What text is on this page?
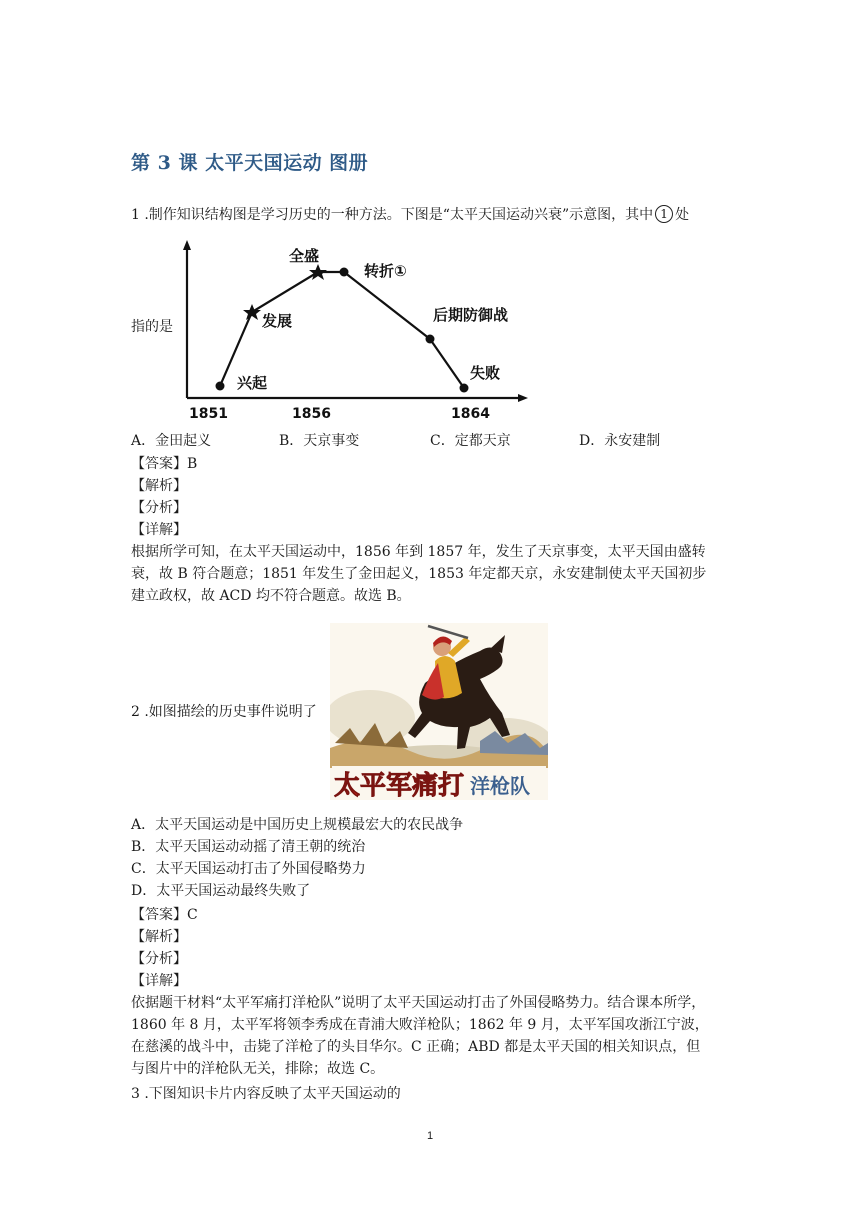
第 3 课 太平天国运动 图册
1 .制作知识结构图是学习历史的一种方法。下图是“太平天国运动兴衰”示意图，其中 1 处
指的是
全盛
转折①
发展	后期防御战
兴起
失败
1851	1856	1864
A．金田起义	B．天京事变	C．定都天京	D．永安建制
【答案】B
【解析】
【分析】
【详解】
根据所学可知，在太平天国运动中，1856 年到 1857 年，发生了天京事变，太平天国由盛转
衰，故 B 符合题意；1851 年发生了金田起义，1853 年定都天京，永安建制使太平天国初步
建立政权，故 ACD 均不符合题意。故选 B。
2 .如图描绘的历史事件说明了
太平军痛打 洋枪队
A．太平天国运动是中国历史上规模最宏大的农民战争
B．太平天国运动动摇了清王朝的统治
C．太平天国运动打击了外国侵略势力
D．太平天国运动最终失败了
【答案】C
【解析】
【分析】
【详解】
依据题干材料“太平军痛打洋枪队”说明了太平天国运动打击了外国侵略势力。结合课本所学，
1860 年 8 月，太平军将领李秀成在青浦大败洋枪队；1862 年 9 月，太平军国攻浙江宁波，
在慈溪的战斗中，击毙了洋枪了的头目华尔。C 正确；ABD 都是太平天国的相关知识点，但
与图片中的洋枪队无关，排除；故选 C。
3 .下图知识卡片内容反映了太平天国运动的
1
